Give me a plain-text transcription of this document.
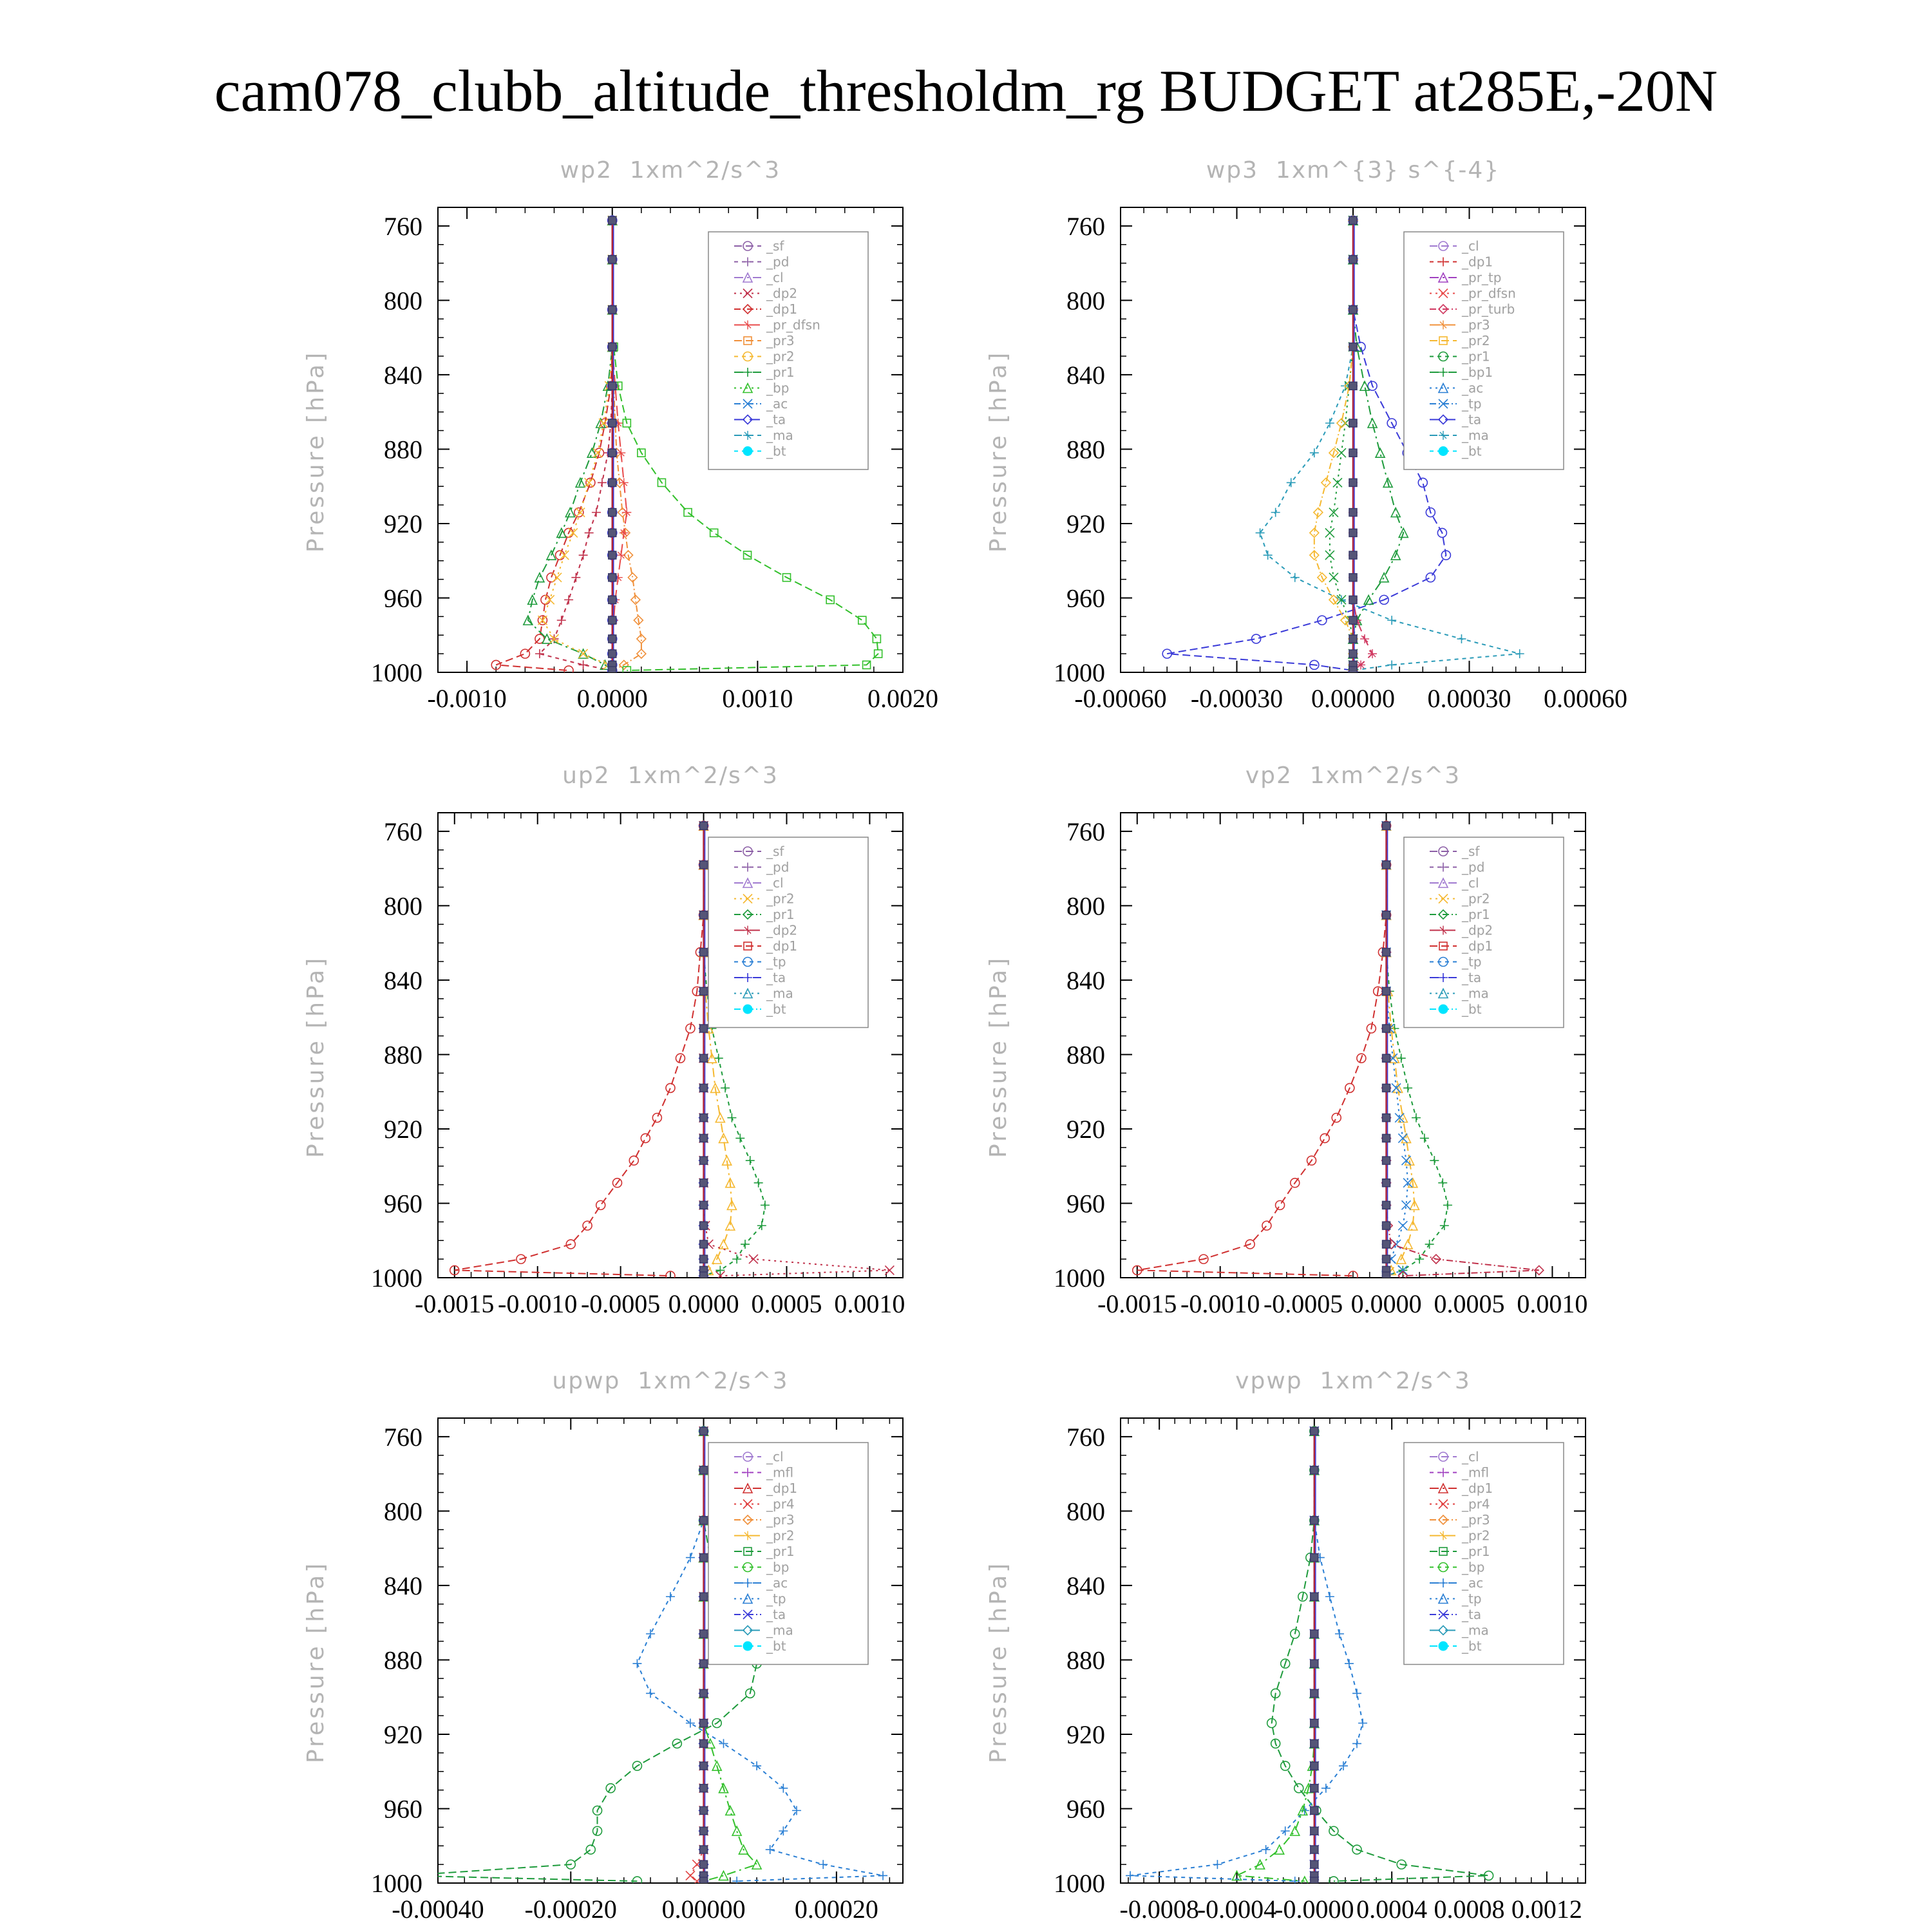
cam078_clubb_altitude_thresholdm_rg BUDGET at285E,-20N
wp2  1xm^2/s^3
Pressure [hPa]
760
800
840
880
920
960
1000
-0.0010	0.0000	0.0010	0.0020
_sf
_pd
_cl
_dp2
_dp1
_pr_dfsn
_pr3
_pr2
_pr1
_bp
_ac
_ta
_ma
_bt
wp3  1xm^{3} s^{-4}
Pressure [hPa]
760
800
840
880
920
960
1000
-0.00060 -0.00030 0.00000 0.00030 0.00060
_cl
_dp1
_pr_tp
_pr_dfsn
_pr_turb
_pr3
_pr2
_pr1
_bp1
_ac
_tp
_ta
_ma
_bt
up2  1xm^2/s^3
Pressure [hPa]
760
800
840
880
920
960
1000
-0.0015 -0.0010 -0.0005 0.0000 0.0005 0.0010
_sf
_pd
_cl
_pr2
_pr1
_dp2
_dp1
_tp
_ta
_ma
_bt
vp2  1xm^2/s^3
Pressure [hPa]
760
800
840
880
920
960
1000
-0.0015 -0.0010 -0.0005 0.0000 0.0005 0.0010
_sf
_pd
_cl
_pr2
_pr1
_dp2
_dp1
_tp
_ta
_ma
_bt
upwp  1xm^2/s^3
Pressure [hPa]
760
800
840
880
920
960
1000
-0.00040 -0.00020 0.00000 0.00020
_cl
_mfl
_dp1
_pr4
_pr3
_pr2
_pr1
_bp
_ac
_tp
_ta
_ma
_bt
vpwp  1xm^2/s^3
Pressure [hPa]
760
800
840
880
920
960
1000
-0.0008
-0.0004
-0.0000 0.0004 0.0008 0.0012
_cl
_mfl
_dp1
_pr4
_pr3
_pr2
_pr1
_bp
_ac
_tp
_ta
_ma
_bt
